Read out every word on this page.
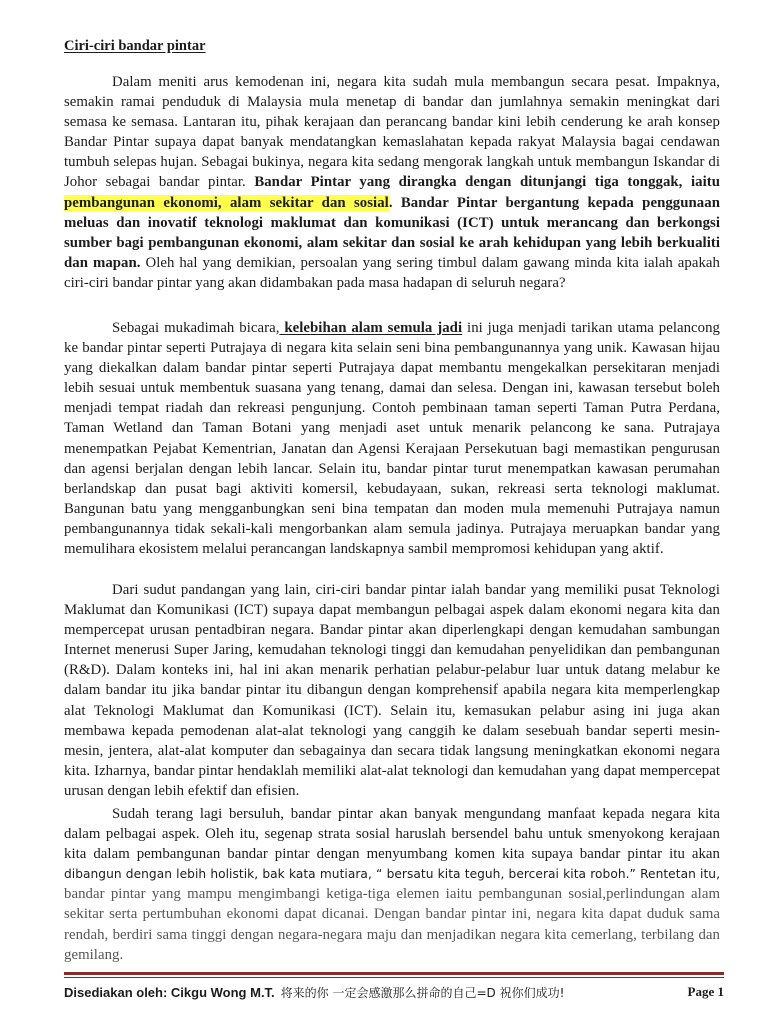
Ciri-ciri bandar pintar

Dalam meniti arus kemodenan ini, negara kita sudah mula membangun secara pesat. Impaknya, semakin ramai penduduk di Malaysia mula menetap di bandar dan jumlahnya semakin meningkat dari semasa ke semasa. Lantaran itu, pihak kerajaan dan perancang bandar kini lebih cenderung ke arah konsep Bandar Pintar supaya dapat banyak mendatangkan kemaslahatan kepada rakyat Malaysia bagai cendawan tumbuh selepas hujan. Sebagai bukinya, negara kita sedang mengorak langkah untuk membangun Iskandar di Johor sebagai bandar pintar. Bandar Pintar yang dirangka dengan ditunjangi tiga tonggak, iaitu pembangunan ekonomi, alam sekitar dan sosial. Bandar Pintar bergantung kepada penggunaan meluas dan inovatif teknologi maklumat dan komunikasi (ICT) untuk merancang dan berkongsi sumber bagi pembangunan ekonomi, alam sekitar dan sosial ke arah kehidupan yang lebih berkualiti dan mapan. Oleh hal yang demikian, persoalan yang sering timbul dalam gawang minda kita ialah apakah ciri-ciri bandar pintar yang akan didambakan pada masa hadapan di seluruh negara?

Sebagai mukadimah bicara, kelebihan alam semula jadi ini juga menjadi tarikan utama pelancong ke bandar pintar seperti Putrajaya di negara kita selain seni bina pembangunannya yang unik. Kawasan hijau yang diekalkan dalam bandar pintar seperti Putrajaya dapat membantu mengekalkan persekitaran menjadi lebih sesuai untuk membentuk suasana yang tenang, damai dan selesa. Dengan ini, kawasan tersebut boleh menjadi tempat riadah dan rekreasi pengunjung. Contoh pembinaan taman seperti Taman Putra Perdana, Taman Wetland dan Taman Botani yang menjadi aset untuk menarik pelancong ke sana. Putrajaya menempatkan Pejabat Kementrian, Janatan dan Agensi Kerajaan Persekutuan bagi memastikan pengurusan dan agensi berjalan dengan lebih lancar. Selain itu, bandar pintar turut menempatkan kawasan perumahan berlandskap dan pusat bagi aktiviti komersil, kebudayaan, sukan, rekreasi serta teknologi maklumat. Bangunan batu yang mengganbungkan seni bina tempatan dan moden mula memenuhi Putrajaya namun pembangunannya tidak sekali-kali mengorbankan alam semula jadinya. Putrajaya meruapkan bandar yang memulihara ekosistem melalui perancangan landskapnya sambil mempromosi kehidupan yang aktif.

Dari sudut pandangan yang lain, ciri-ciri bandar pintar ialah bandar yang memiliki pusat Teknologi Maklumat dan Komunikasi (ICT) supaya dapat membangun pelbagai aspek dalam ekonomi negara kita dan mempercepat urusan pentadbiran negara. Bandar pintar akan diperlengkapi dengan kemudahan sambungan Internet menerusi Super Jaring, kemudahan teknologi tinggi dan kemudahan penyelidikan dan pembangunan (R&D). Dalam konteks ini, hal ini akan menarik perhatian pelabur-pelabur luar untuk datang melabur ke dalam bandar itu jika bandar pintar itu dibangun dengan komprehensif apabila negara kita memperlengkap alat Teknologi Maklumat dan Komunikasi (ICT). Selain itu, kemasukan pelabur asing ini juga akan membawa kepada pemodenan alat-alat teknologi yang canggih ke dalam sesebuah bandar seperti mesin-mesin, jentera, alat-alat komputer dan sebagainya dan secara tidak langsung meningkatkan ekonomi negara kita. Izharnya, bandar pintar hendaklah memiliki alat-alat teknologi dan kemudahan yang dapat mempercepat urusan dengan lebih efektif dan efisien.

Sudah terang lagi bersuluh, bandar pintar akan banyak mengundang manfaat kepada negara kita dalam pelbagai aspek. Oleh itu, segenap strata sosial haruslah bersendel bahu untuk smenyokong kerajaan kita dalam pembangunan bandar pintar dengan menyumbang komen kita supaya bandar pintar itu akan dibangun dengan lebih holistik, bak kata mutiara, “ bersatu kita teguh, bercerai kita roboh.” Rentetan itu, bandar pintar yang mampu mengimbangi ketiga-tiga elemen iaitu pembangunan sosial,perlindungan alam sekitar serta pertumbuhan ekonomi dapat dicanai. Dengan bandar pintar ini, negara kita dapat duduk sama rendah, berdiri sama tinggi dengan negara-negara maju dan menjadikan negara kita cemerlang, terbilang dan gemilang.

Disediakan oleh: Cikgu Wong M.T. 将来的你 一定会感激那么拼命的自己=D 祝你们成功!	Page 1
